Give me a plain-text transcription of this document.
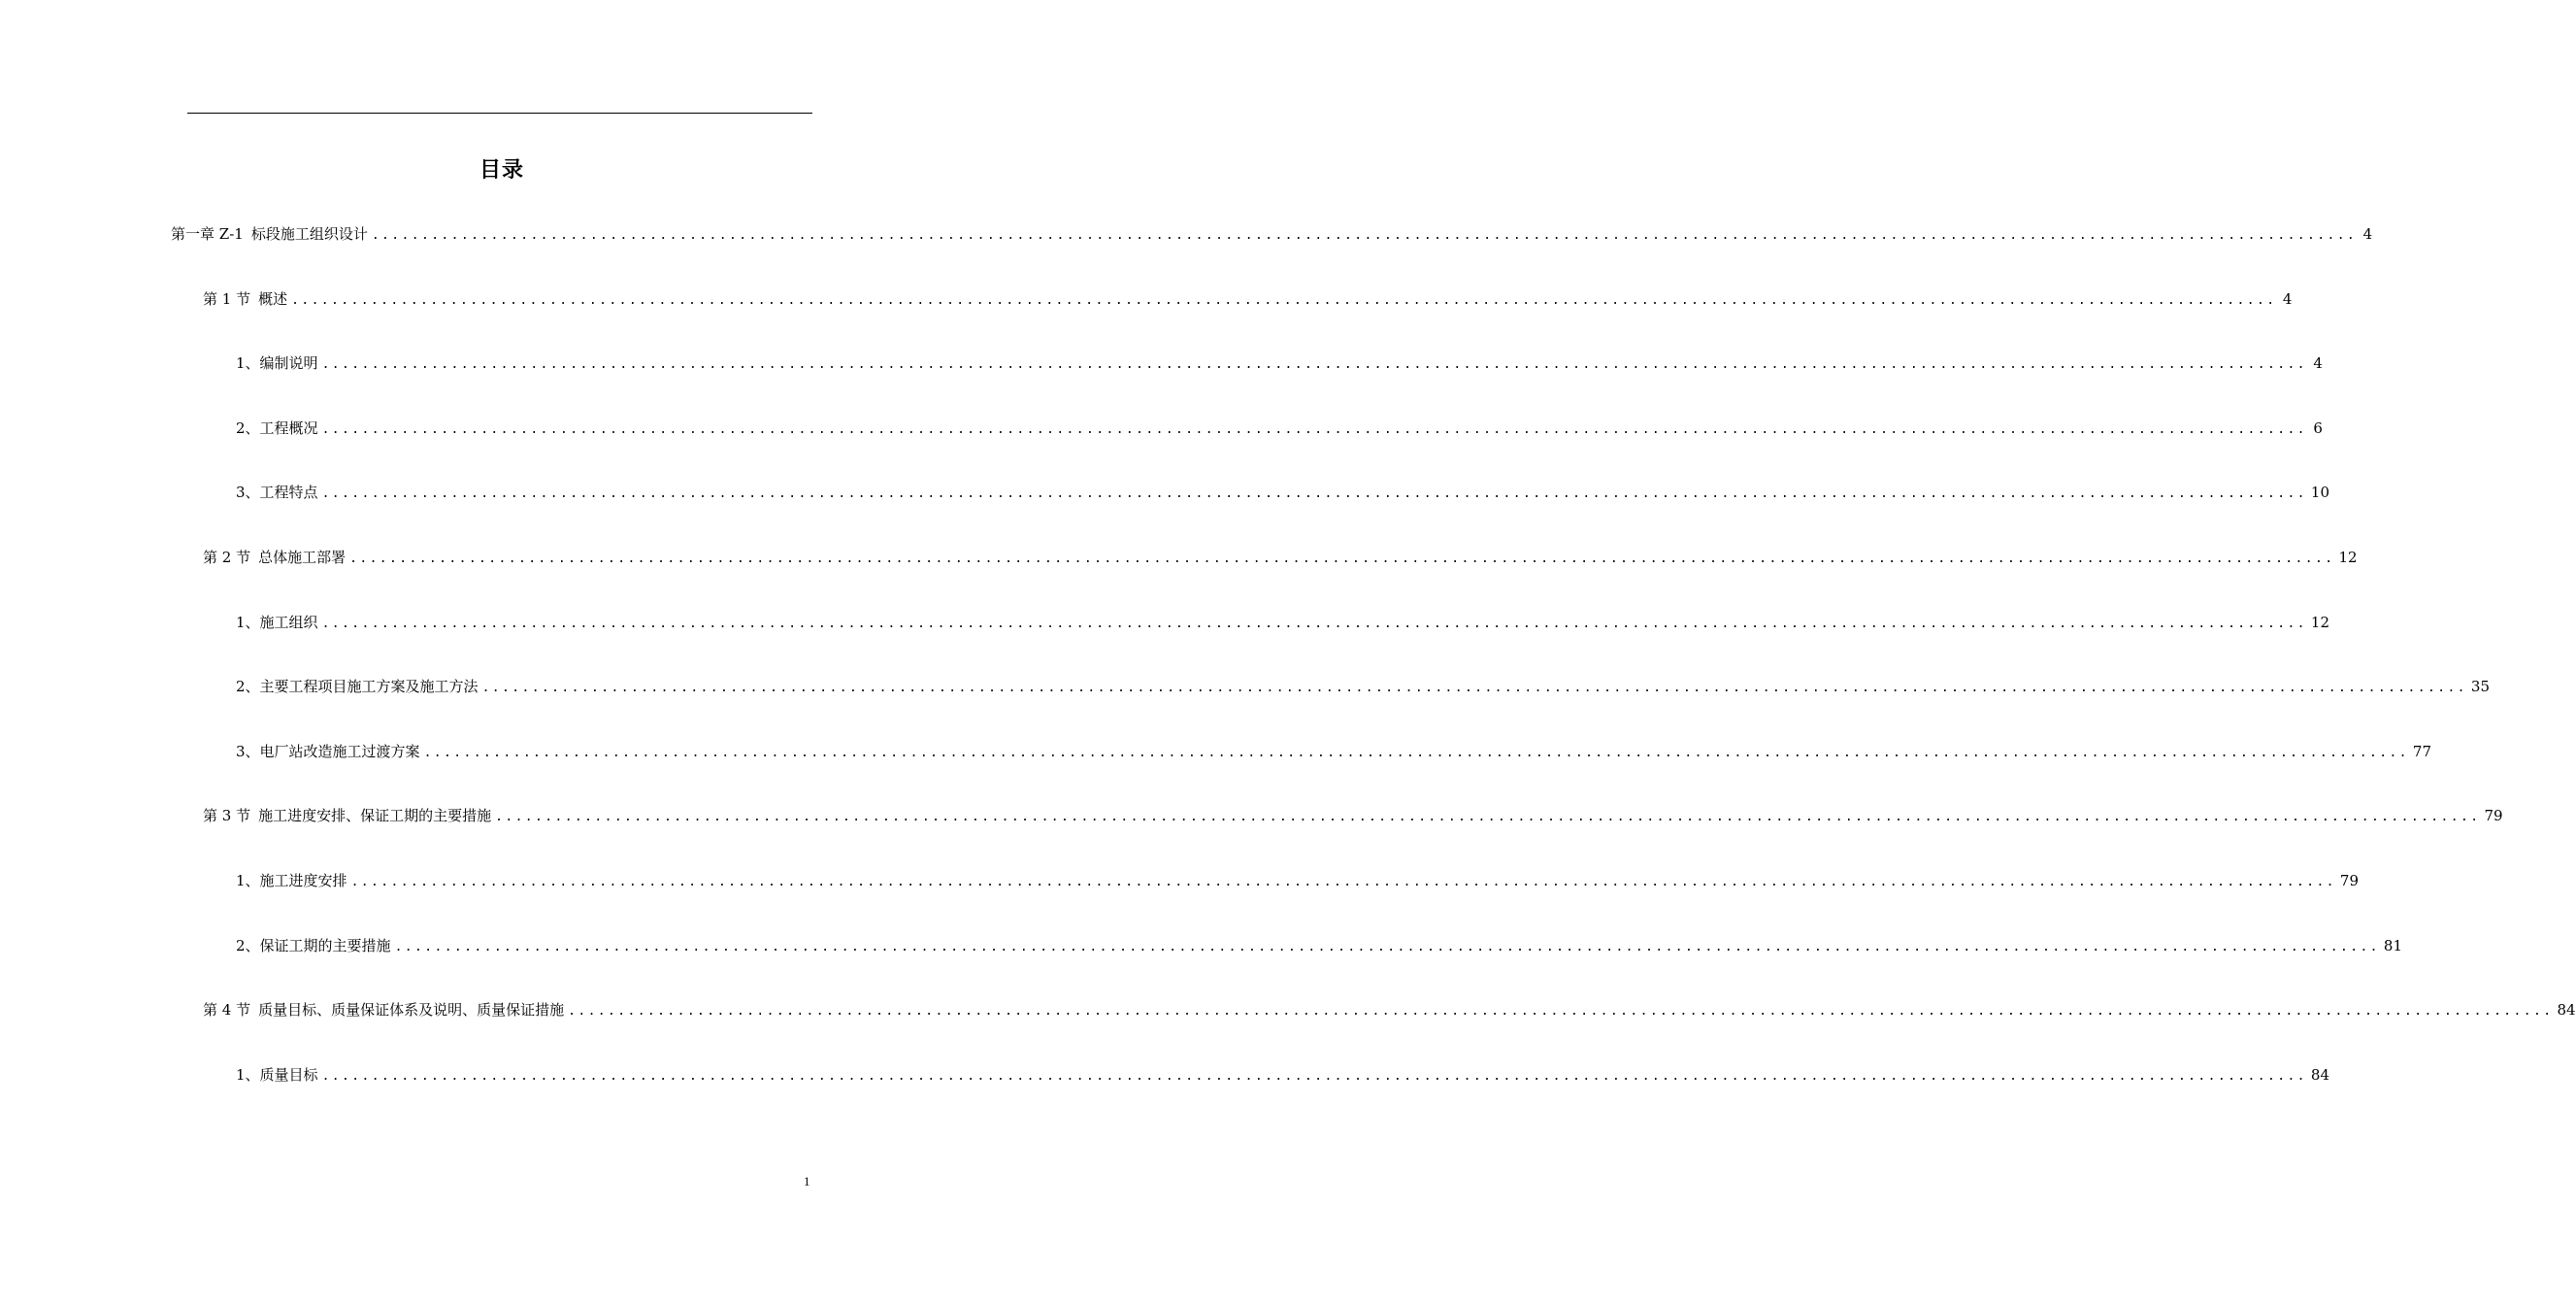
目录
第一章 Z-1 标段施工组织设计 ........................................................................................................................................................................................................ 4
第 1 节 概述 ........................................................................................................................................................................................................ 4
1、 编制说明 ........................................................................................................................................................................................................ 4
2、 工程概况 ........................................................................................................................................................................................................ 6
3、 工程特点 ........................................................................................................................................................................................................ 10
第 2 节 总体施工部署 ........................................................................................................................................................................................................ 12
1、 施工组织 ........................................................................................................................................................................................................ 12
2、 主要工程项目施工方案及施工方法 ........................................................................................................................................................................................................ 35
3、 电厂站改造施工过渡方案 ........................................................................................................................................................................................................ 77
第 3 节 施工进度安排、保证工期的主要措施 ........................................................................................................................................................................................................ 79
1、 施工进度安排 ........................................................................................................................................................................................................ 79
2、 保证工期的主要措施 ........................................................................................................................................................................................................ 81
第 4 节 质量目标、质量保证体系及说明、质量保证措施 ........................................................................................................................................................................................................ 84
1、 质量目标 ........................................................................................................................................................................................................ 84
1
